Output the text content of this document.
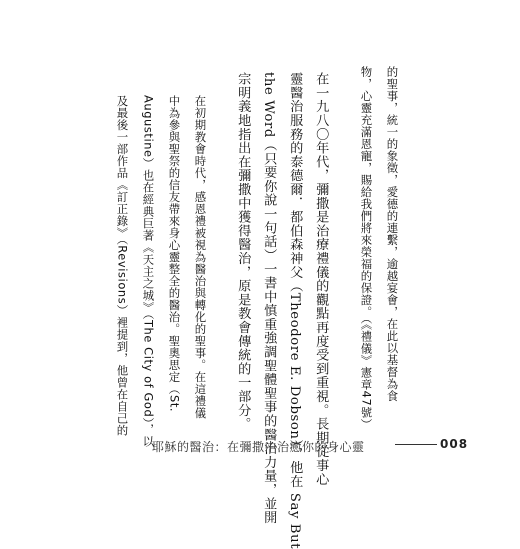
的聖事，統一的象徵，愛德的連繫，逾越宴會，在此以基督為食
物，心靈充滿恩寵，賜給我們將來榮福的保證。（《禮儀》憲章47號）
在一九八〇年代，彌撒是治療禮儀的觀點再度受到重視。長期從事心
靈醫治服務的泰德爾．都伯森神父（Theodore E. Dobson），他在 Say But
the Word（只要你說一句話）一書中慎重強調聖體聖事的醫治力量，並開
宗明義地指出在彌撒中獲得醫治，原是教會傳統的一部分。
在初期教會時代，感恩禮被視為醫治與轉化的聖事。在這禮儀
中為參與聖祭的信友帶來身心靈整全的醫治。聖奧思定（St.
Augustine）也在經典巨著《天主之城》（The City of God），以
及最後一部作品《訂正錄》（Revisions）裡提到，他曾在自己的
耶穌的醫治：在彌撒中治癒你的身心靈	008
